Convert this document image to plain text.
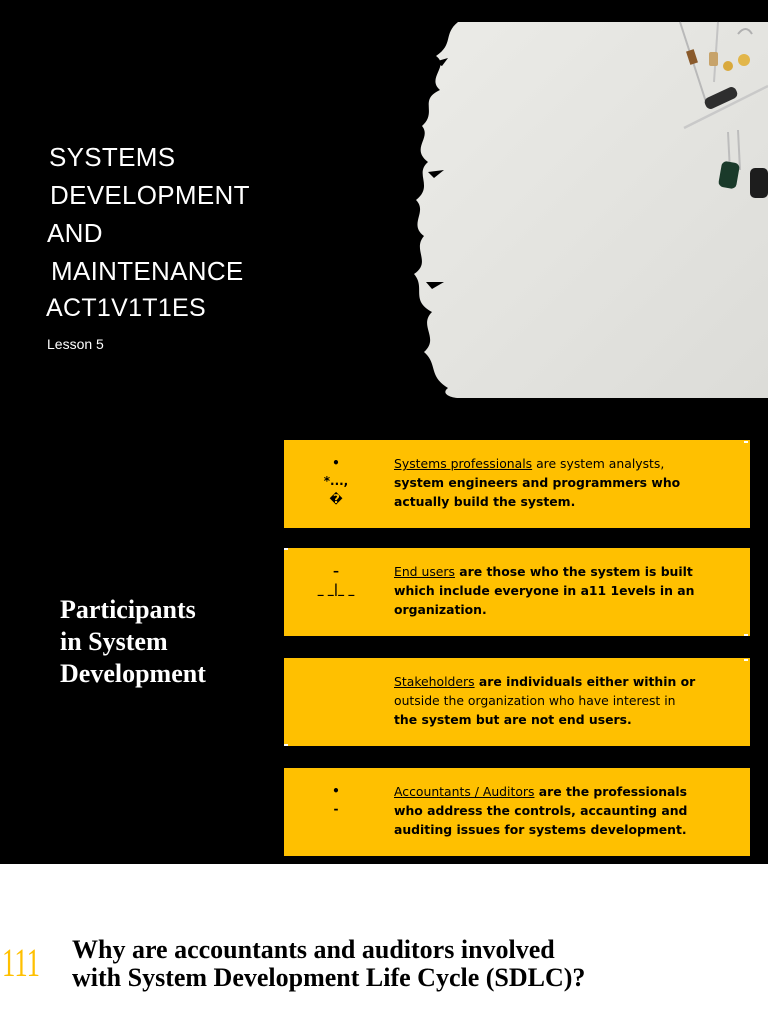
SYSTEMS
DEVELOPMENT
AND
MAINTENANCE
ACT1V1T1ES
Lesson 5
Participants
in System
Development
•
*...,
�
Systems professionals are system analysts,
system engineers and programmers who
actually build the system.
–
_ _|_ _
End users are those who the system is built
which include everyone in a11 1evels in an
organization.
Stakeholders are individuals either within or
outside the organization who have interest in
the system but are not end users.
•
-
Accountants / Auditors are the professionals
who address the controls, accaunting and
auditing issues for systems development.
111 Why are accountants and auditors involved
with System Development Life Cycle (SDLC)?
